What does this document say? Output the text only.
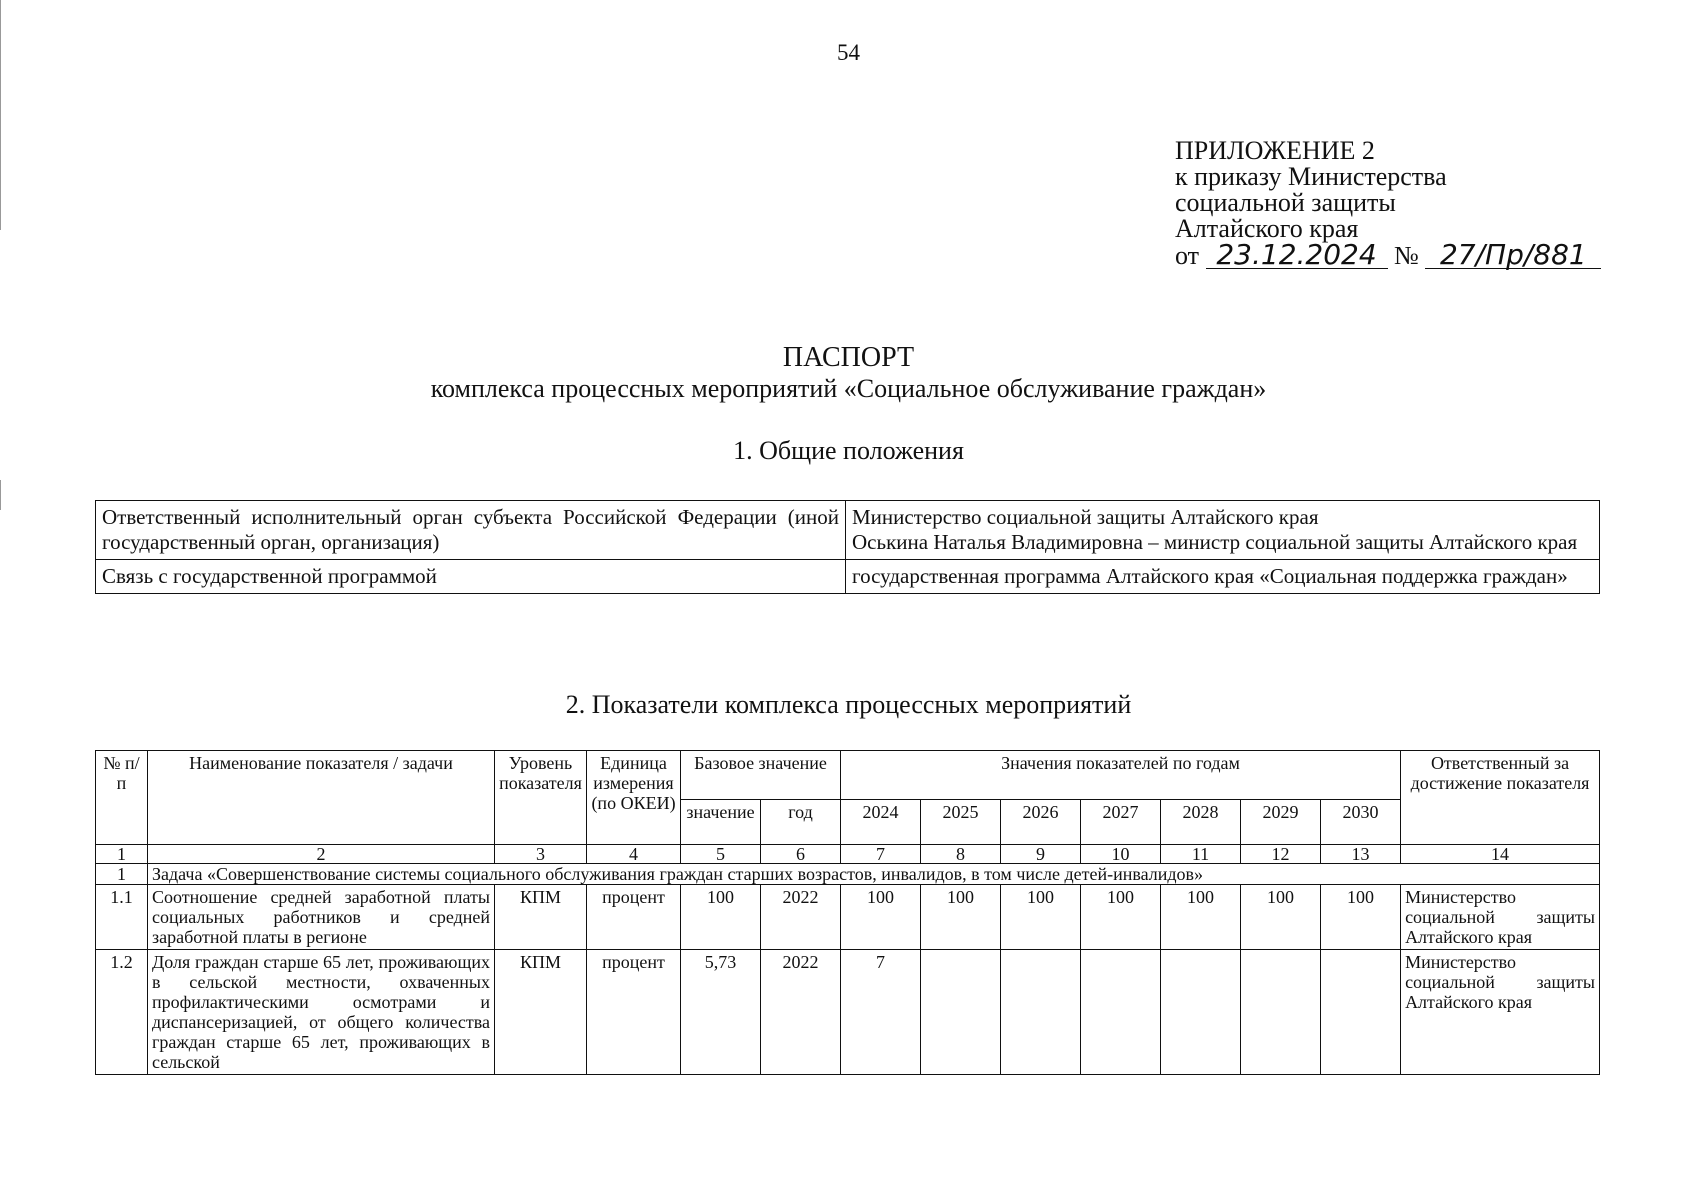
54
ПРИЛОЖЕНИЕ 2
к приказу Министерства
социальной защиты
Алтайского края
от 23.12.2024 № 27/Пр/881
ПАСПОРТ
комплекса процессных мероприятий «Социальное обслуживание граждан»
1. Общие положения
Ответственный исполнительный орган субъекта Российской Федерации (иной государственный орган, организация)	Министерство социальной защиты Алтайского края
Оськина Наталья Владимировна – министр социальной защиты Алтайского края

Связь с государственной программой	государственная программа Алтайского края «Социальная поддержка граждан»
2. Показатели комплекса процессных мероприятий
№ п/п	Наименование показателя / задачи	Уровень показателя	Единица измерения (по ОКЕИ)	Базовое значение		Значения показателей по годам							Ответственный за достижение показателя
				значение	год	2024	2025	2026	2027	2028	2029	2030	
1	2	3	4	5	6	7	8	9	10	11	12	13	14
1	Задача «Совершенствование системы социального обслуживания граждан старших возрастов, инвалидов, в том числе детей-инвалидов»												
1.1	Соотношение средней заработной платы социальных работников и средней заработной платы в регионе	КПМ	процент	100	2022	100	100	100	100	100	100	100	Министерство социальной защиты Алтайского края
1.2	Доля граждан старше 65 лет, проживающих в сельской местности, охваченных профилактическими осмотрами и диспансеризацией, от общего количества граждан старше 65 лет, проживающих в сельской	КПМ	процент	5,73	2022	7							Министерство социальной защиты Алтайского края
